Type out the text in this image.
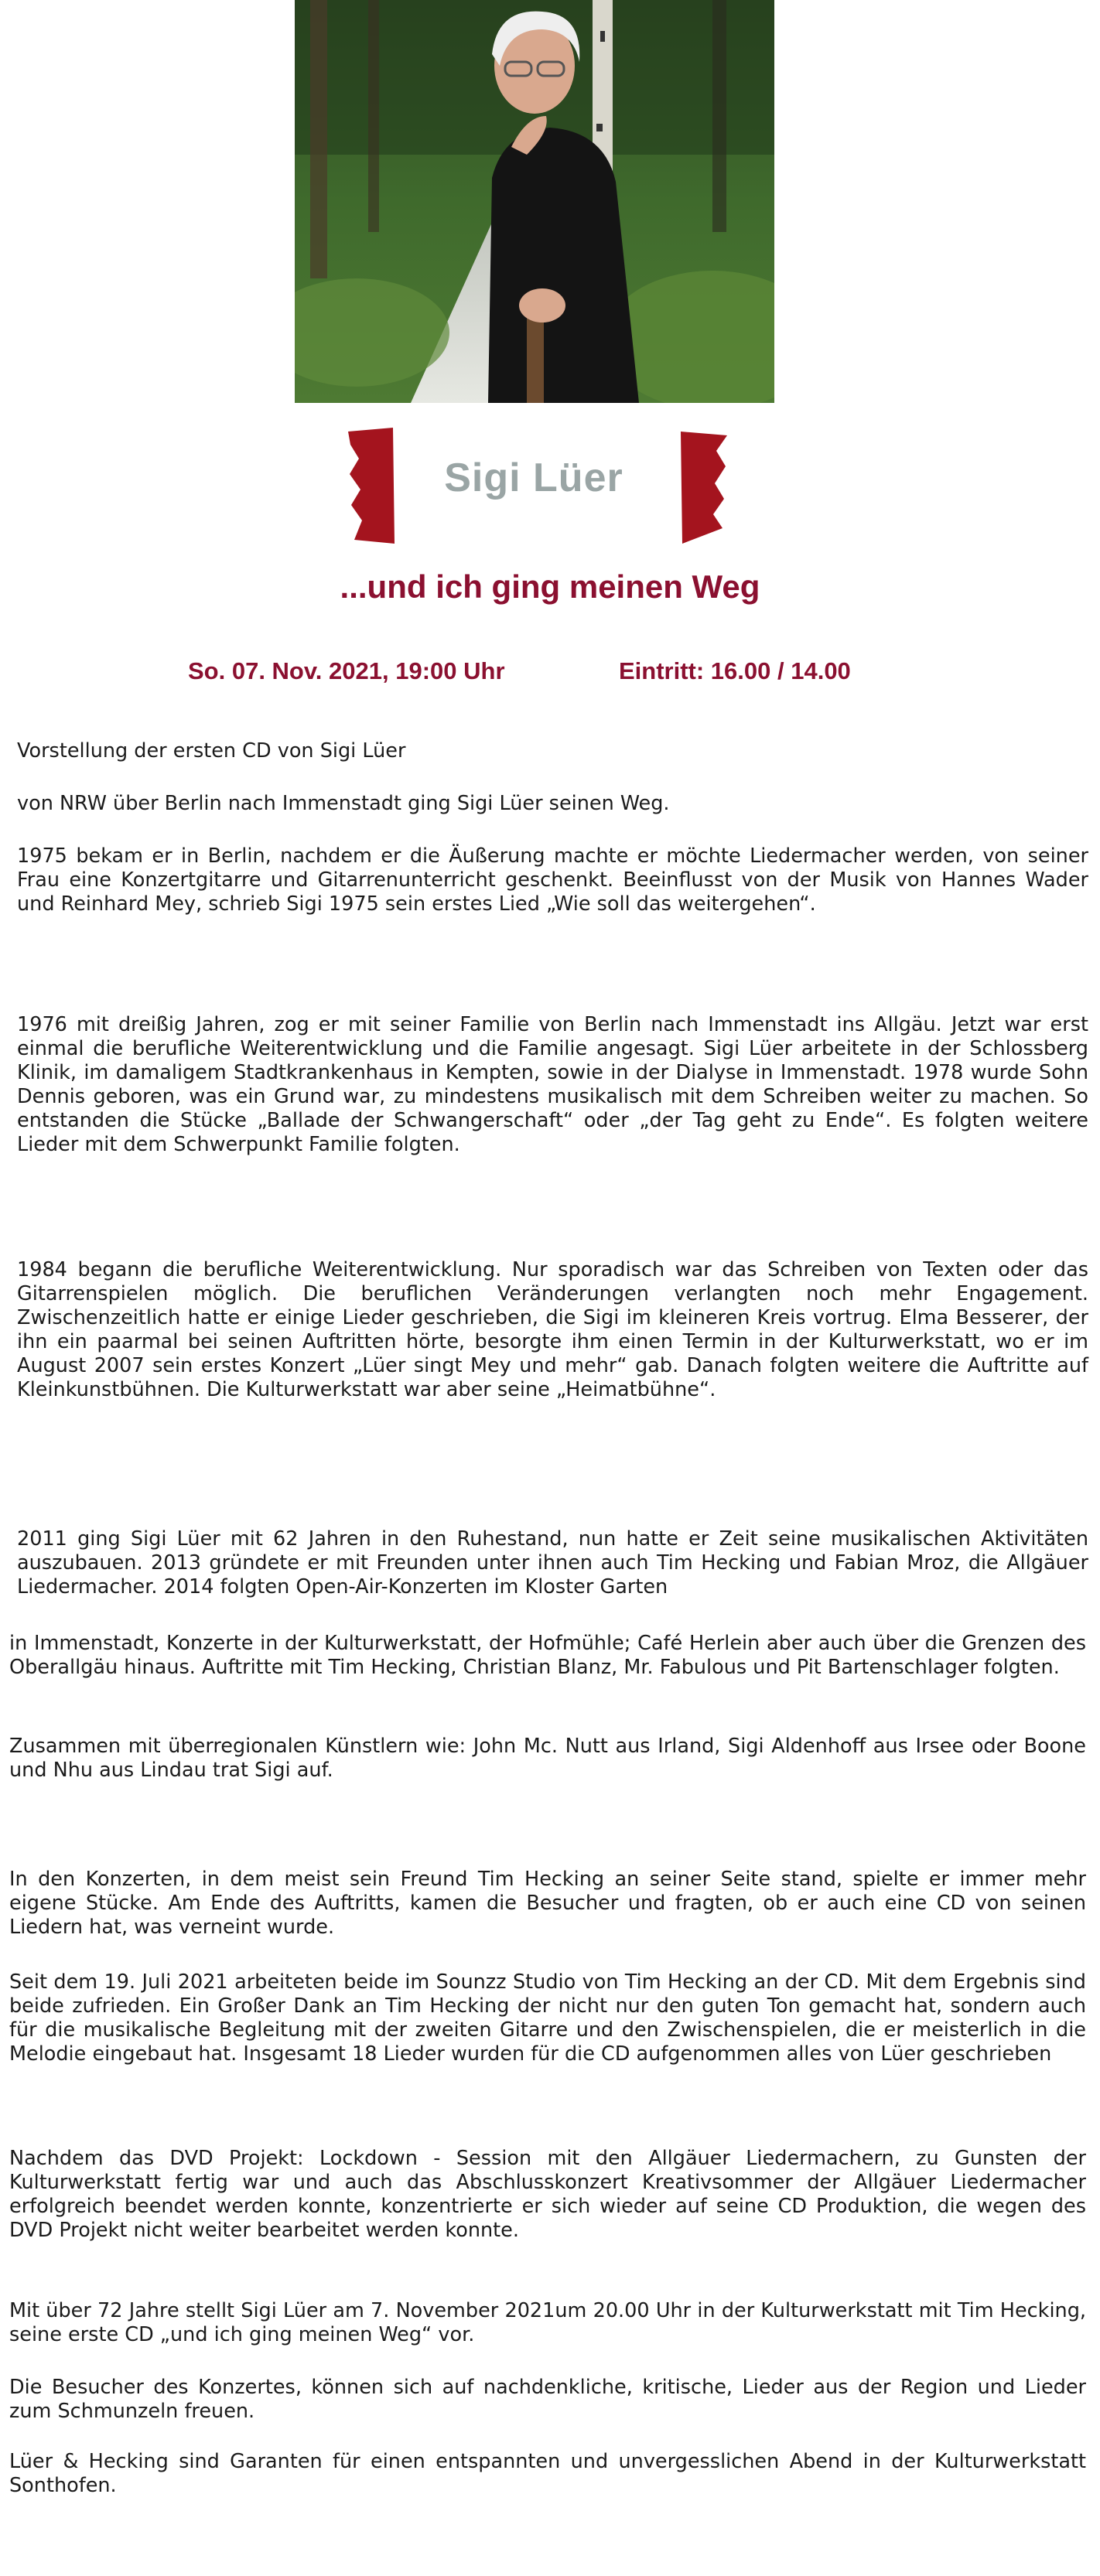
Sigi Lüer
...und ich ging meinen Weg
So. 07. Nov. 2021, 19:00 Uhr	Eintritt: 16.00 / 14.00

Vorstellung der ersten CD von Sigi Lüer

von NRW über Berlin nach Immenstadt ging Sigi Lüer seinen Weg.

1975 bekam er in Berlin, nachdem er die Äußerung machte er möchte Liedermacher werden, von seiner Frau eine Konzertgitarre und Gitarrenunterricht geschenkt. Beeinflusst von der Musik von Hannes Wader und Reinhard Mey, schrieb Sigi 1975 sein erstes Lied „Wie soll das weitergehen“.

1976 mit dreißig Jahren, zog er mit seiner Familie von Berlin nach Immenstadt ins Allgäu. Jetzt war erst einmal die berufliche Weiterentwicklung und die Familie angesagt. Sigi Lüer arbeitete in der Schlossberg Klinik, im damaligem Stadtkrankenhaus in Kempten, sowie in der Dialyse in Immenstadt. 1978 wurde Sohn Dennis geboren, was ein Grund war, zu mindestens musikalisch mit dem Schreiben weiter zu machen. So entstanden die Stücke „Ballade der Schwangerschaft“ oder „der Tag geht zu Ende“. Es folgten weitere Lieder mit dem Schwerpunkt Familie folgten.

1984 begann die berufliche Weiterentwicklung. Nur sporadisch war das Schreiben von Texten oder das Gitarrenspielen möglich. Die beruflichen Veränderungen verlangten noch mehr Engagement. Zwischenzeitlich hatte er einige Lieder geschrieben, die Sigi im kleineren Kreis vortrug. Elma Besserer, der ihn ein paarmal bei seinen Auftritten hörte, besorgte ihm einen Termin in der Kulturwerkstatt, wo er im August 2007 sein erstes Konzert „Lüer singt Mey und mehr“ gab. Danach folgten weitere die Auftritte auf Kleinkunstbühnen. Die Kulturwerkstatt war aber seine „Heimatbühne“.

2011 ging Sigi Lüer mit 62 Jahren in den Ruhestand, nun hatte er Zeit seine musikalischen Aktivitäten auszubauen. 2013 gründete er mit Freunden unter ihnen auch Tim Hecking und Fabian Mroz, die Allgäuer Liedermacher. 2014 folgten Open-Air-Konzerten im Kloster Garten

in Immenstadt, Konzerte in der Kulturwerkstatt, der Hofmühle; Café Herlein aber auch über die Grenzen des Oberallgäu hinaus. Auftritte mit Tim Hecking, Christian Blanz, Mr. Fabulous und Pit Bartenschlager folgten.

Zusammen mit überregionalen Künstlern wie: John Mc. Nutt aus Irland, Sigi Aldenhoff aus Irsee oder Boone und Nhu aus Lindau trat Sigi auf.

In den Konzerten, in dem meist sein Freund Tim Hecking an seiner Seite stand, spielte er immer mehr eigene Stücke. Am Ende des Auftritts, kamen die Besucher und fragten, ob er auch eine CD von seinen Liedern hat, was verneint wurde.

Seit dem 19. Juli 2021 arbeiteten beide im Sounzz Studio von Tim Hecking an der CD. Mit dem Ergebnis sind beide zufrieden. Ein Großer Dank an Tim Hecking der nicht nur den guten Ton gemacht hat, sondern auch für die musikalische Begleitung mit der zweiten Gitarre und den Zwischenspielen, die er meisterlich in die Melodie eingebaut hat. Insgesamt 18 Lieder wurden für die CD aufgenommen alles von Lüer geschrieben

Nachdem das DVD Projekt: Lockdown - Session mit den Allgäuer Liedermachern, zu Gunsten der Kulturwerkstatt fertig war und auch das Abschlusskonzert Kreativsommer der Allgäuer Liedermacher erfolgreich beendet werden konnte, konzentrierte er sich wieder auf seine CD Produktion, die wegen des DVD Projekt nicht weiter bearbeitet werden konnte.

Mit über 72 Jahre stellt Sigi Lüer am 7. November 2021um 20.00 Uhr in der Kulturwerkstatt mit Tim Hecking, seine erste CD „und ich ging meinen Weg“ vor.

Die Besucher des Konzertes, können sich auf nachdenkliche, kritische, Lieder aus der Region und Lieder zum Schmunzeln freuen.

Lüer & Hecking sind Garanten für einen entspannten und unvergesslichen Abend in der Kulturwerkstatt Sonthofen.
